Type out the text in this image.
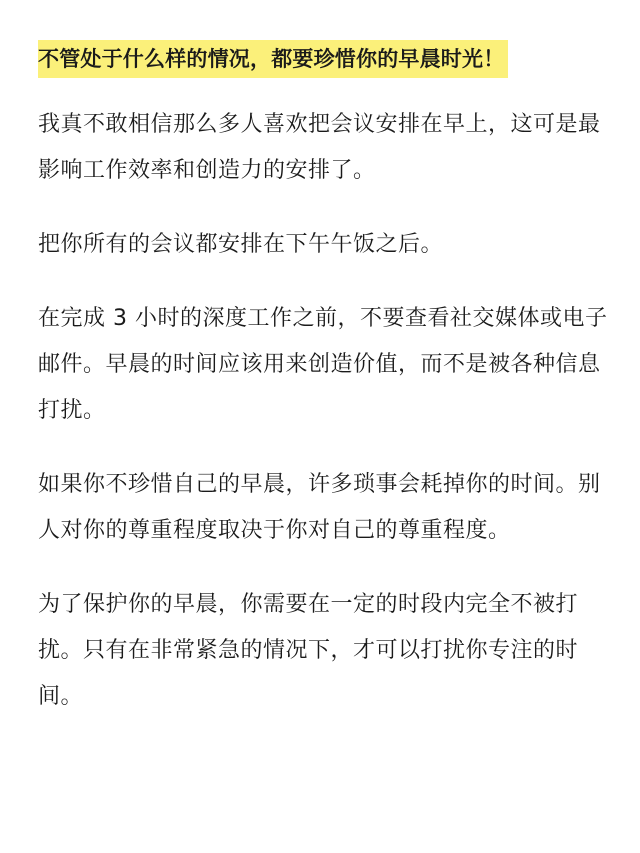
不管处于什么样的情况，都要珍惜你的早晨时光！

我真不敢相信那么多人喜欢把会议安排在早上，这可是最影响工作效率和创造力的安排了。

把你所有的会议都安排在下午午饭之后。

在完成 3 小时的深度工作之前，不要查看社交媒体或电子邮件。早晨的时间应该用来创造价值，而不是被各种信息打扰。

如果你不珍惜自己的早晨，许多琐事会耗掉你的时间。别人对你的尊重程度取决于你对自己的尊重程度。

为了保护你的早晨，你需要在一定的时段内完全不被打扰。只有在非常紧急的情况下，才可以打扰你专注的时间。
